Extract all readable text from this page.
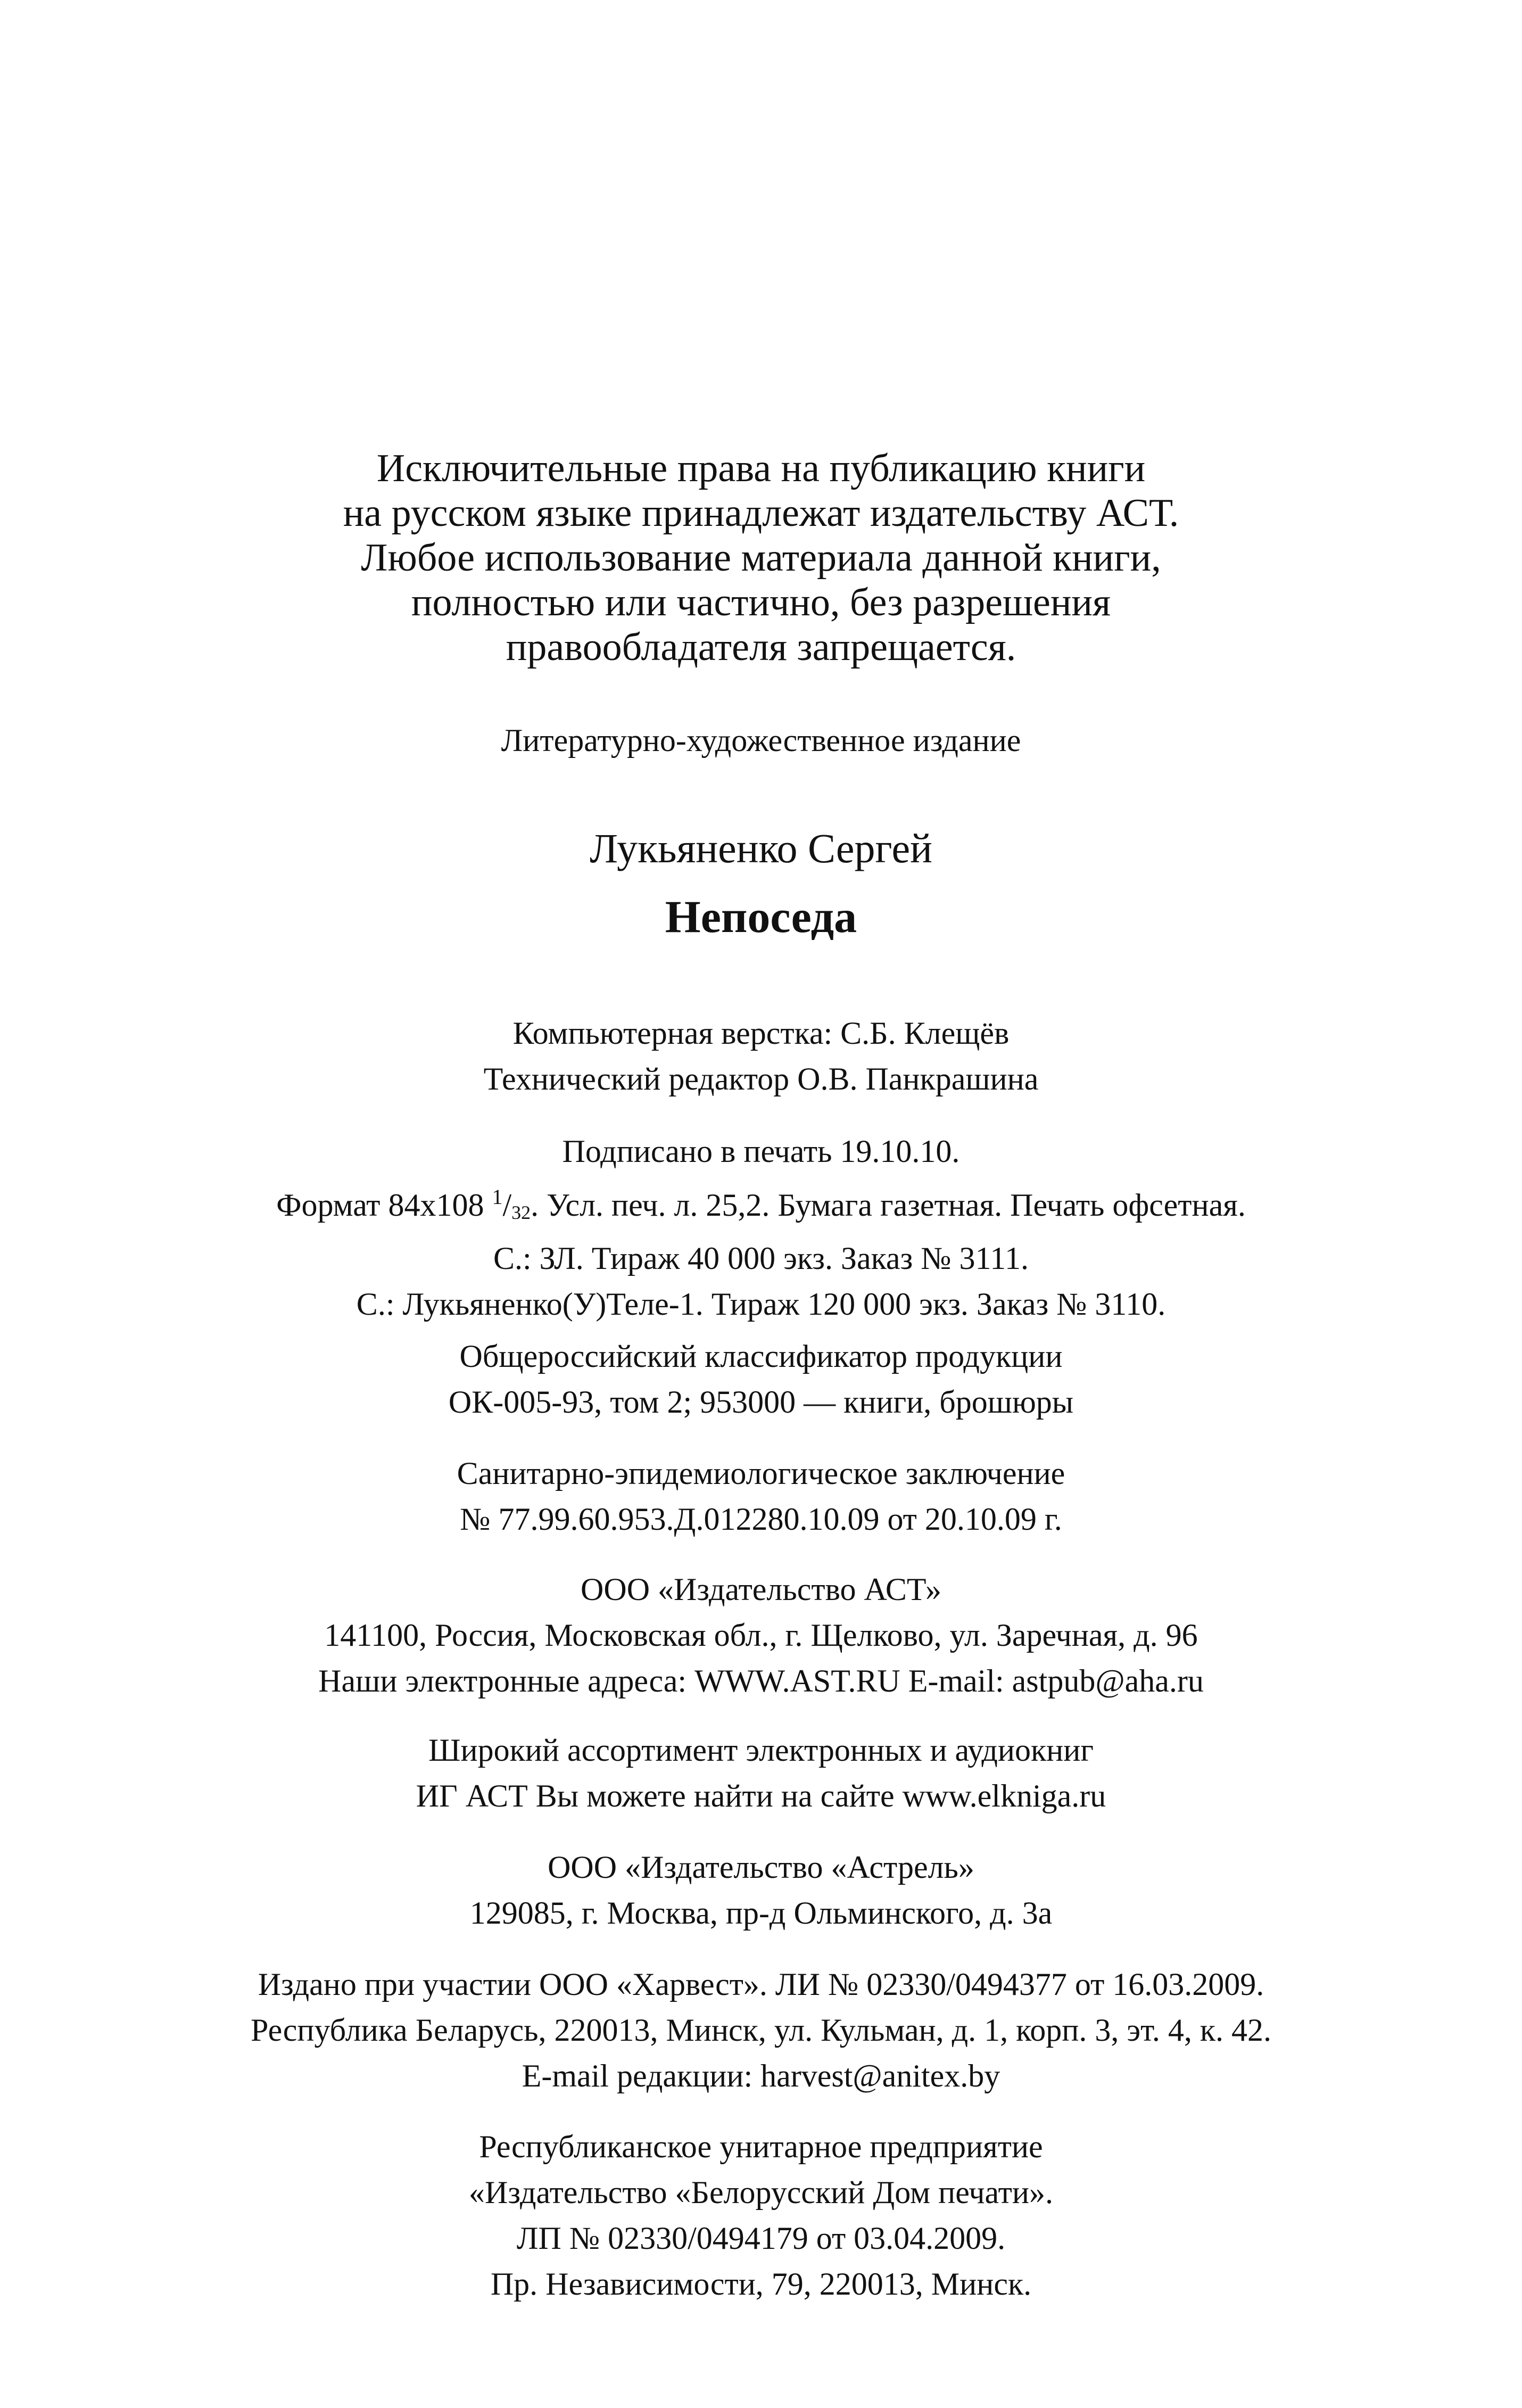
Исключительные права на публикацию книги
на русском языке принадлежат издательству АСТ.
Любое использование материала данной книги,
полностью или частично, без разрешения
правообладателя запрещается.
Литературно-художественное издание
Лукьяненко Сергей
Непоседа
Компьютерная верстка: С.Б. Клещёв
Технический редактор О.В. Панкрашина
Подписано в печать 19.10.10.
Формат 84x108 $^1$/32. Усл. печ. л. 25,2. Бумага газетная. Печать офсетная.
С.: ЗЛ. Тираж 40 000 экз. Заказ № 3111.
С.: Лукьяненко(У)Теле-1. Тираж 120 000 экз. Заказ № 3110.
Общероссийский классификатор продукции
ОК-005-93, том 2; 953000 — книги, брошюры
Санитарно-эпидемиологическое заключение
№ 77.99.60.953.Д.012280.10.09 от 20.10.09 г.
ООО «Издательство АСТ»
141100, Россия, Московская обл., г. Щелково, ул. Заречная, д. 96
Наши электронные адреса: WWW.AST.RU E-mail: astpub@aha.ru
Широкий ассортимент электронных и аудиокниг
ИГ АСТ Вы можете найти на сайте www.elkniga.ru
ООО «Издательство «Астрель»
129085, г. Москва, пр-д Ольминского, д. 3а
Издано при участии ООО «Харвест». ЛИ № 02330/0494377 от 16.03.2009.
Республика Беларусь, 220013, Минск, ул. Кульман, д. 1, корп. 3, эт. 4, к. 42.
E-mail редакции: harvest@anitex.by
Республиканское унитарное предприятие
«Издательство «Белорусский Дом печати».
ЛП № 02330/0494179 от 03.04.2009.
Пр. Независимости, 79, 220013, Минск.
